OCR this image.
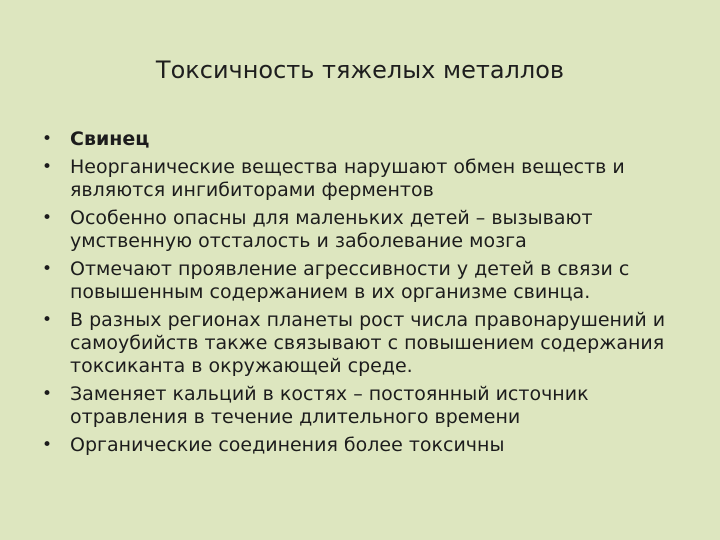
Токсичность тяжелых металлов
• Свинец
• Неорганические вещества нарушают обмен веществ и являются ингибиторами ферментов
• Особенно опасны для маленьких детей – вызывают умственную отсталость и заболевание мозга
• Отмечают проявление агрессивности у детей в связи с повышенным содержанием в их организме свинца.
• В разных регионах планеты рост числа правонарушений и самоубийств также связывают с повышением содержания токсиканта в окружающей среде.
• Заменяет кальций в костях – постоянный источник отравления в течение длительного времени
• Органические соединения более токсичны
